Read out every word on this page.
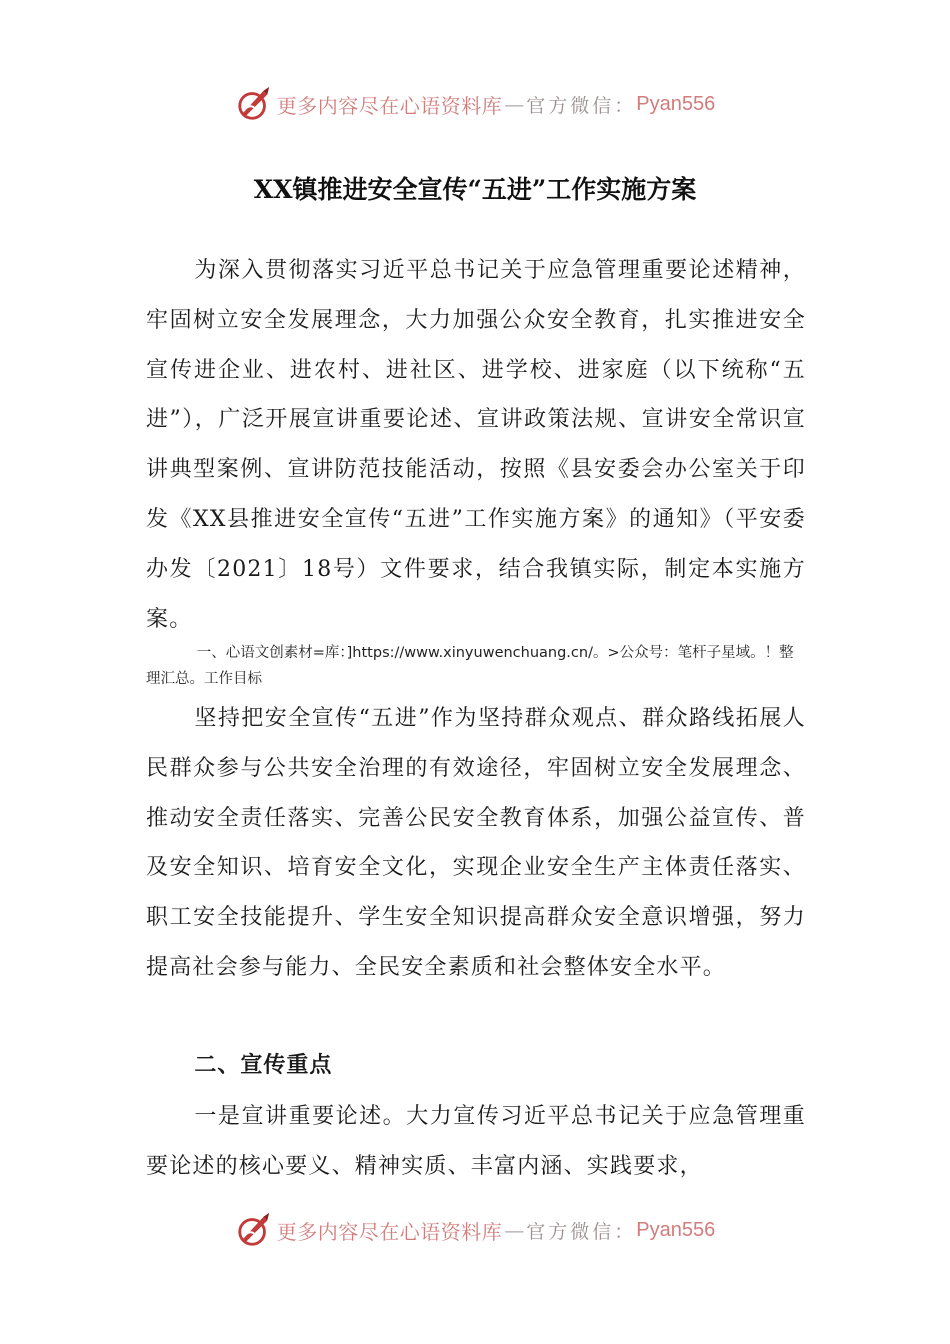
更多内容尽在心语资料库 — 官方微信： Pyan556
XX镇推进安全宣传“五进”工作实施方案

为深入贯彻落实习近平总书记关于应急管理重要论述精神，牢固树立安全发展理念，大力加强公众安全教育，扎实推进安全宣传进企业、进农村、进社区、进学校、进家庭（以下统称“五进”），广泛开展宣讲重要论述、宣讲政策法规、宣讲安全常识宣讲典型案例、宣讲防范技能活动，按照《县安委会办公室关于印发《XX县推进安全宣传“五进”工作实施方案》的通知》（平安委办发〔2021〕18号）文件要求，结合我镇实际，制定本实施方案。

一、心语文创素材=库：]https://www.xinyuwenchuang.cn/。>公众号：笔杆子星域。！整理汇总。工作目标

坚持把安全宣传“五进”作为坚持群众观点、群众路线拓展人民群众参与公共安全治理的有效途径，牢固树立安全发展理念、推动安全责任落实、完善公民安全教育体系，加强公益宣传、普及安全知识、培育安全文化，实现企业安全生产主体责任落实、职工安全技能提升、学生安全知识提高群众安全意识增强，努力提高社会参与能力、全民安全素质和社会整体安全水平。

二、宣传重点

一是宣讲重要论述。大力宣传习近平总书记关于应急管理重要论述的核心要义、精神实质、丰富内涵、实践要求，

更多内容尽在心语资料库 — 官方微信： Pyan556
